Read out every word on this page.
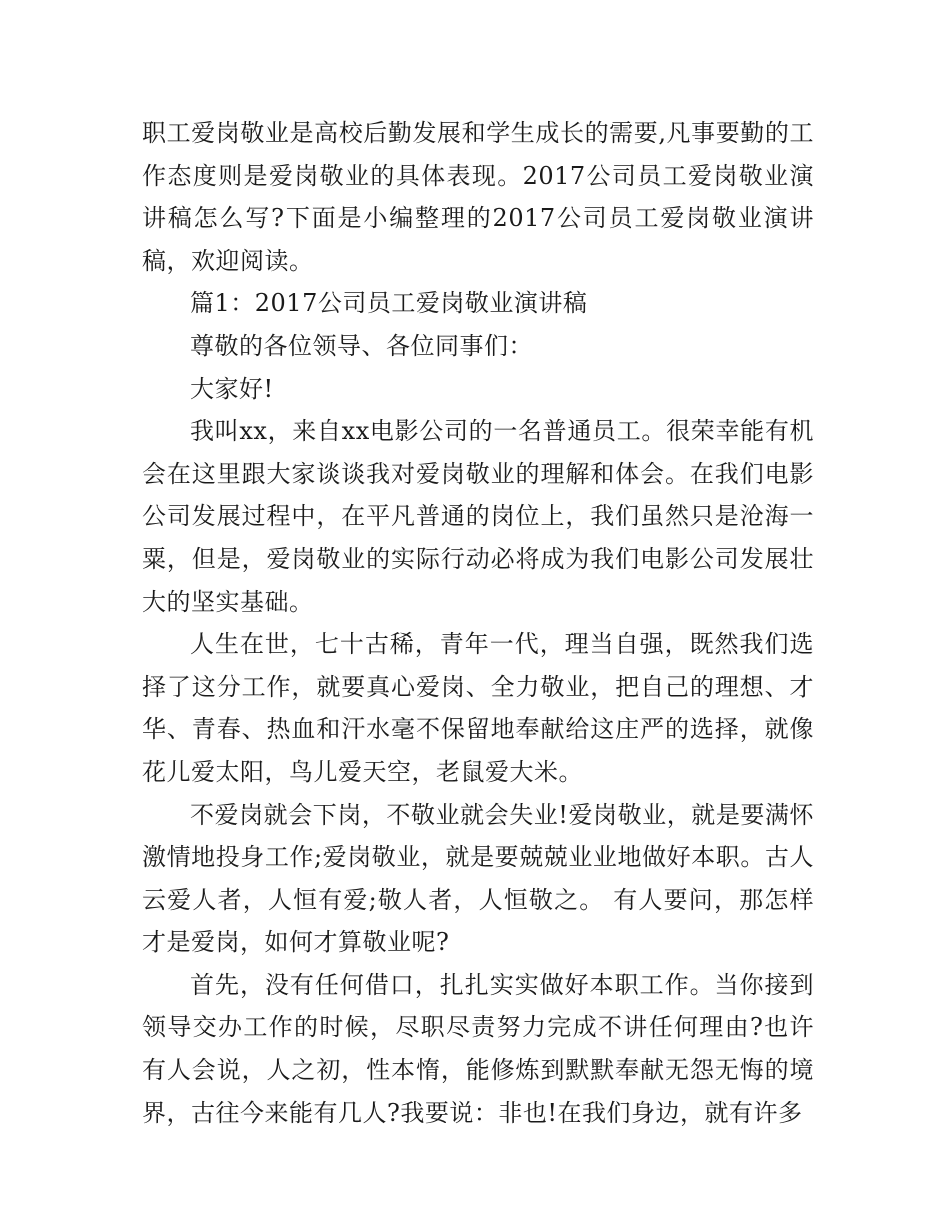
职工爱岗敬业是高校后勤发展和学生成长的需要,凡事要勤的工作态度则是爱岗敬业的具体表现。2017公司员工爱岗敬业演讲稿怎么写?下面是小编整理的2017公司员工爱岗敬业演讲稿，欢迎阅读。

篇1：2017公司员工爱岗敬业演讲稿

尊敬的各位领导、各位同事们：

大家好!

我叫xx，来自xx电影公司的一名普通员工。很荣幸能有机会在这里跟大家谈谈我对爱岗敬业的理解和体会。在我们电影公司发展过程中，在平凡普通的岗位上，我们虽然只是沧海一粟，但是，爱岗敬业的实际行动必将成为我们电影公司发展壮大的坚实基础。

人生在世，七十古稀，青年一代，理当自强，既然我们选择了这分工作，就要真心爱岗、全力敬业，把自己的理想、才华、青春、热血和汗水毫不保留地奉献给这庄严的选择，就像花儿爱太阳，鸟儿爱天空，老鼠爱大米。

不爱岗就会下岗，不敬业就会失业!爱岗敬业，就是要满怀激情地投身工作;爱岗敬业，就是要兢兢业业地做好本职。古人云爱人者，人恒有爱;敬人者，人恒敬之。 有人要问，那怎样才是爱岗，如何才算敬业呢?

首先，没有任何借口，扎扎实实做好本职工作。当你接到领导交办工作的时候，尽职尽责努力完成不讲任何理由?也许有人会说，人之初，性本惰，能修炼到默默奉献无怨无悔的境界，古往今来能有几人?我要说：非也!在我们身边，就有许多
